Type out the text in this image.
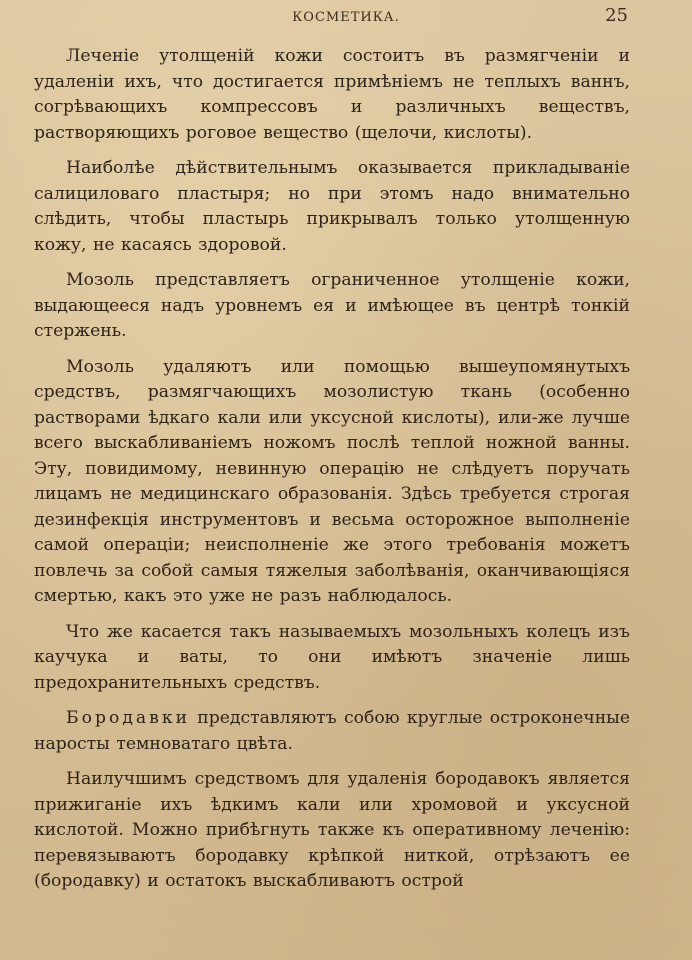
КОСМЕТИКА.	25

Леченіе утолщеній кожи состоитъ въ размягченіи и удаленіи ихъ, что достигается примѣніемъ не теплыхъ ваннъ, согрѣвающихъ компрессовъ и различныхъ веществъ, растворяющихъ роговое вещество (щелочи, кислоты).

Наиболѣе дѣйствительнымъ оказывается прикладываніе салициловаго пластыря; но при этомъ надо внимательно слѣдить, чтобы пластырь прикрывалъ только утолщенную кожу, не касаясь здоровой.

Мозоль представляетъ ограниченное утолщеніе кожи, выдающееся надъ уровнемъ ея и имѣющее въ центрѣ тонкій стержень.

Мозоль удаляютъ или помощью вышеупомянутыхъ средствъ, размягчающихъ мозолистую ткань (особенно растворами ѣдкаго кали или уксусной кислоты), или-же лучше всего выскабливаніемъ ножомъ послѣ теплой ножной ванны. Эту, повидимому, невинную операцію не слѣдуетъ поручать лицамъ не медицинскаго образованія. Здѣсь требуется строгая дезинфекція инструментовъ и весьма осторожное выполненіе самой операціи; неисполненіе же этого требованія можетъ повлечь за собой самыя тяжелыя заболѣванія, оканчивающіяся смертью, какъ это уже не разъ наблюдалось.

Что же касается такъ называемыхъ мозольныхъ колецъ изъ каучука и ваты, то они имѣютъ значеніе лишь предохранительныхъ средствъ.

Бородавки представляютъ собою круглые остроконечные наросты темноватаго цвѣта.

Наилучшимъ средствомъ для удаленія бородавокъ является прижиганіе ихъ ѣдкимъ кали или хромовой и уксусной кислотой. Можно прибѣгнуть также къ оперативному леченію: перевязываютъ бородавку крѣпкой ниткой, отрѣзаютъ ее (бородавку) и остатокъ выскабливаютъ острой
